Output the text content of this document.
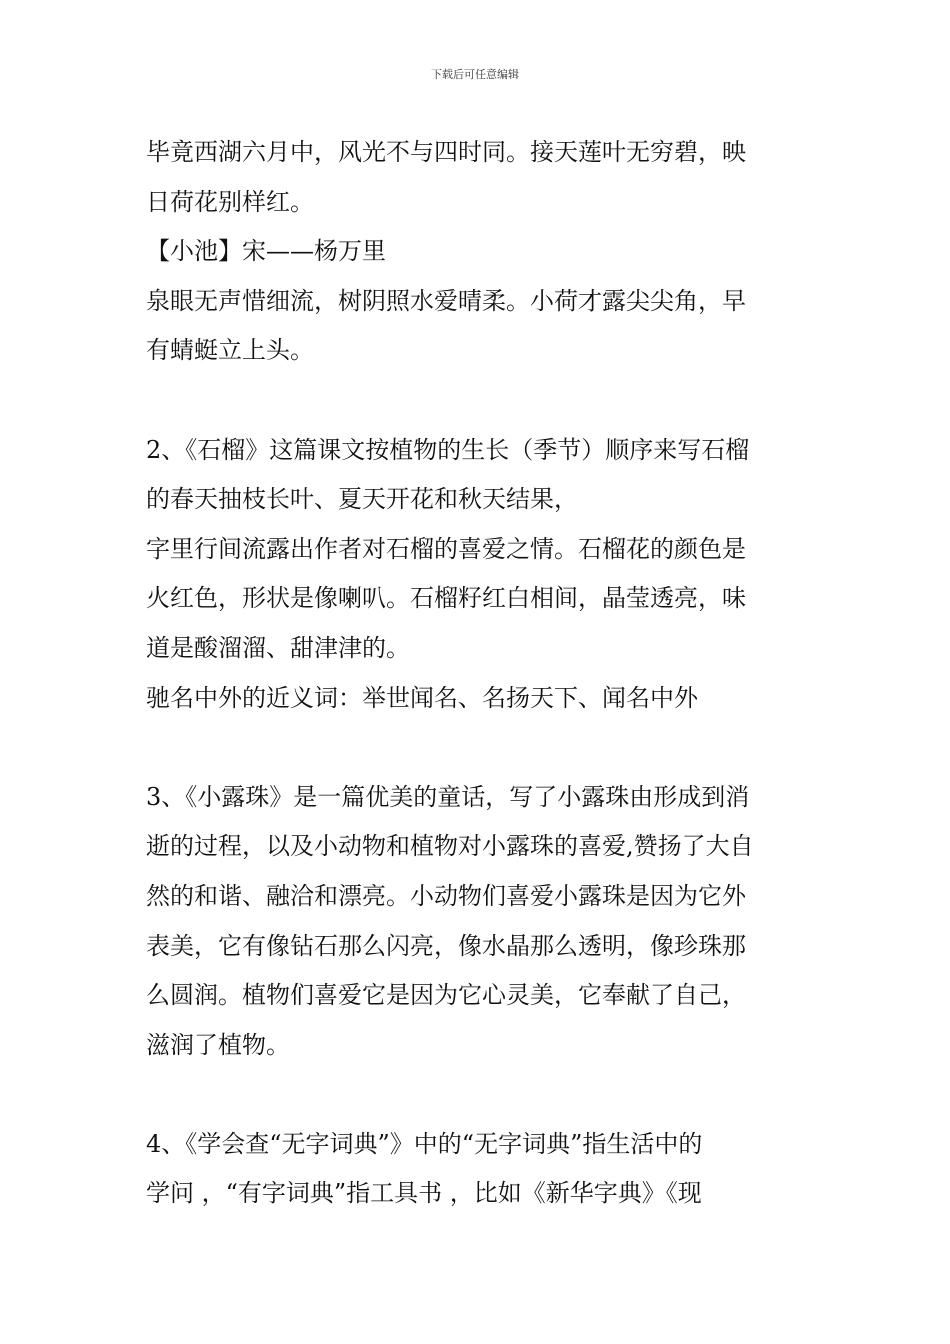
下载后可任意编辑
毕竟西湖六月中，风光不与四时同。接天莲叶无穷碧，映
日荷花别样红。
【小池】宋——杨万里
泉眼无声惜细流，树阴照水爱晴柔。小荷才露尖尖角，早
有蜻蜓立上头。
2、《石榴》这篇课文按植物的生长（季节）顺序来写石榴
的春天抽枝长叶、夏天开花和秋天结果，
字里行间流露出作者对石榴的喜爱之情。石榴花的颜色是
火红色，形状是像喇叭。石榴籽红白相间，晶莹透亮，味
道是酸溜溜、甜津津的。
驰名中外的近义词：举世闻名、名扬天下、闻名中外
3、《小露珠》是一篇优美的童话，写了小露珠由形成到消
逝的过程，以及小动物和植物对小露珠的喜爱,赞扬了大自
然的和谐、融洽和漂亮。小动物们喜爱小露珠是因为它外
表美，它有像钻石那么闪亮，像水晶那么透明，像珍珠那
么圆润。植物们喜爱它是因为它心灵美，它奉献了自己，
滋润了植物。
4、《学会查“无字词典”》中的“无字词典”指生活中的
学问 ，“有字词典”指工具书 ，比如《新华字典》《现
